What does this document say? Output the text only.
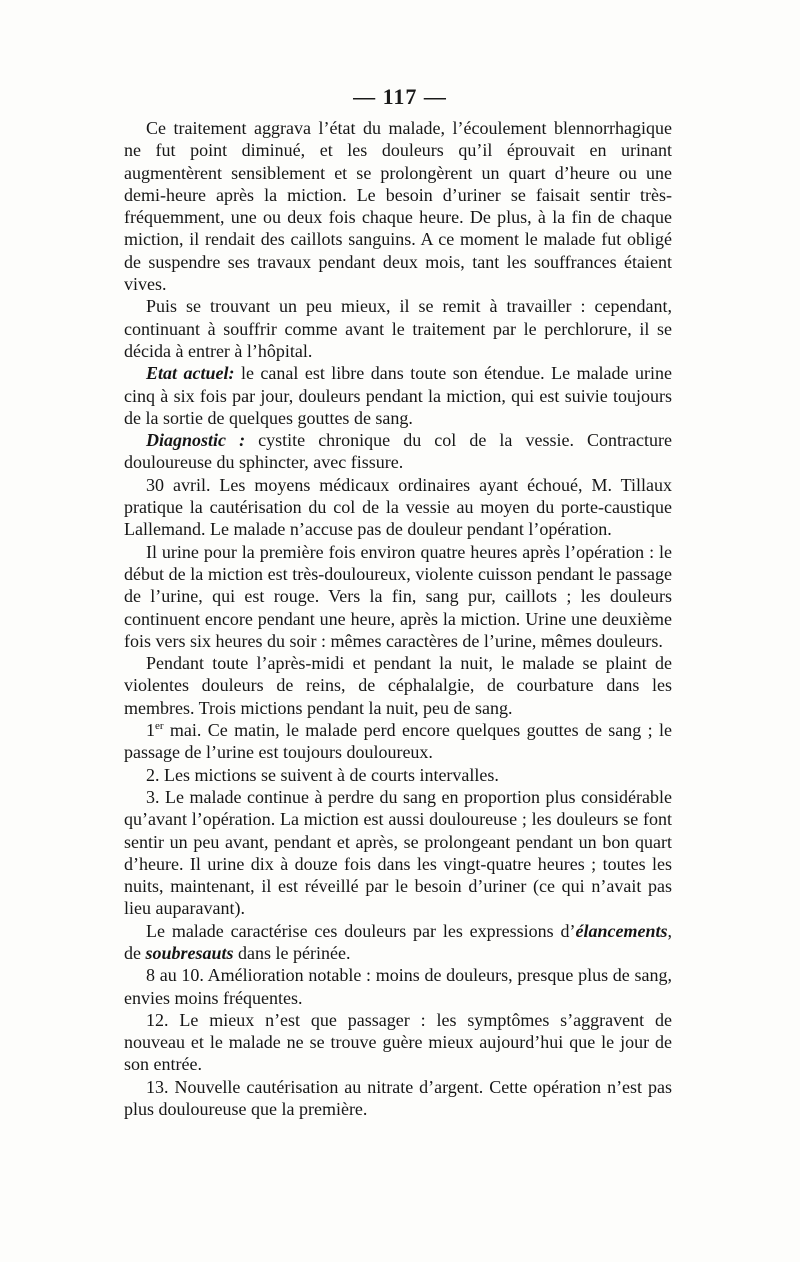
— 117 —

Ce traitement aggrava l’état du malade, l’écoulement blennorrhagique ne fut point diminué, et les douleurs qu’il éprouvait en urinant augmentèrent sensiblement et se prolongèrent un quart d’heure ou une demi-heure après la miction. Le besoin d’uriner se faisait sentir très-fréquemment, une ou deux fois chaque heure. De plus, à la fin de chaque miction, il rendait des caillots sanguins. A ce moment le malade fut obligé de suspendre ses travaux pendant deux mois, tant les souffrances étaient vives.

Puis se trouvant un peu mieux, il se remit à travailler : cependant, continuant à souffrir comme avant le traitement par le perchlorure, il se décida à entrer à l’hôpital.

Etat actuel: le canal est libre dans toute son étendue. Le malade urine cinq à six fois par jour, douleurs pendant la miction, qui est suivie toujours de la sortie de quelques gouttes de sang.

Diagnostic : cystite chronique du col de la vessie. Contracture douloureuse du sphincter, avec fissure.

30 avril. Les moyens médicaux ordinaires ayant échoué, M. Tillaux pratique la cautérisation du col de la vessie au moyen du porte-caustique Lallemand. Le malade n’accuse pas de douleur pendant l’opération.

Il urine pour la première fois environ quatre heures après l’opération : le début de la miction est très-douloureux, violente cuisson pendant le passage de l’urine, qui est rouge. Vers la fin, sang pur, caillots ; les douleurs continuent encore pendant une heure, après la miction. Urine une deuxième fois vers six heures du soir : mêmes caractères de l’urine, mêmes douleurs.

Pendant toute l’après-midi et pendant la nuit, le malade se plaint de violentes douleurs de reins, de céphalalgie, de courbature dans les membres. Trois mictions pendant la nuit, peu de sang.

1er mai. Ce matin, le malade perd encore quelques gouttes de sang ; le passage de l’urine est toujours douloureux.

2. Les mictions se suivent à de courts intervalles.

3. Le malade continue à perdre du sang en proportion plus considérable qu’avant l’opération. La miction est aussi douloureuse ; les douleurs se font sentir un peu avant, pendant et après, se prolongeant pendant un bon quart d’heure. Il urine dix à douze fois dans les vingt-quatre heures ; toutes les nuits, maintenant, il est réveillé par le besoin d’uriner (ce qui n’avait pas lieu auparavant).

Le malade caractérise ces douleurs par les expressions d’élancements, de soubresauts dans le périnée.

8 au 10. Amélioration notable : moins de douleurs, presque plus de sang, envies moins fréquentes.

12. Le mieux n’est que passager : les symptômes s’aggravent de nouveau et le malade ne se trouve guère mieux aujourd’hui que le jour de son entrée.

13. Nouvelle cautérisation au nitrate d’argent. Cette opération n’est pas plus douloureuse que la première.
